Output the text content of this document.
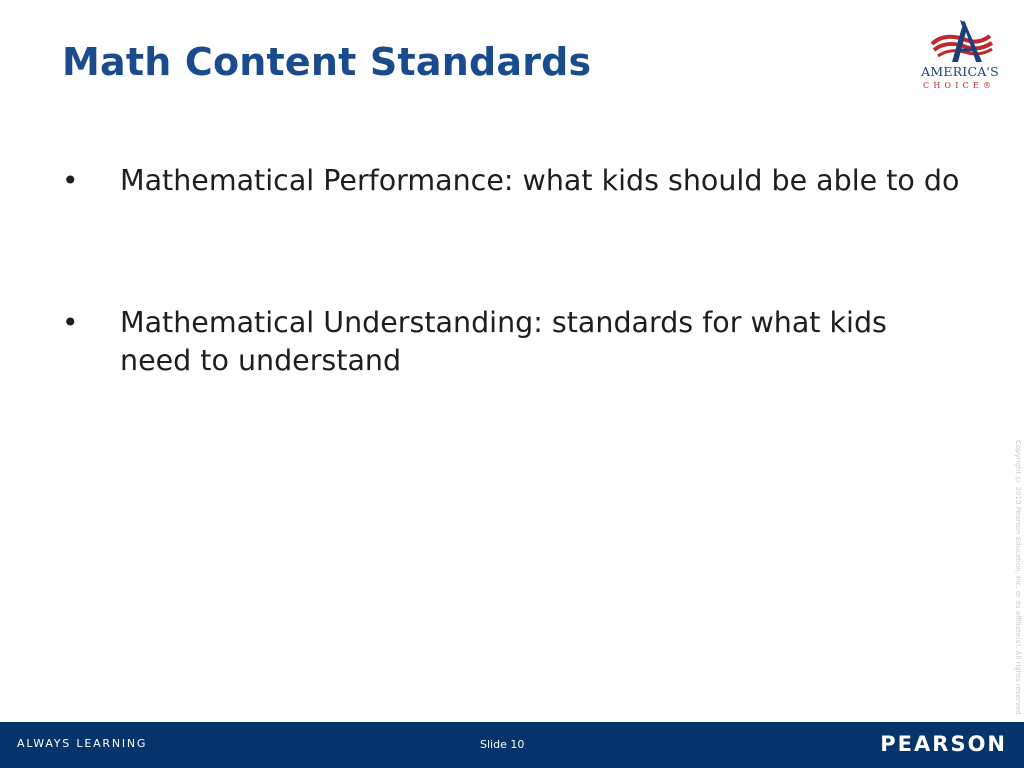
Math Content Standards	AMERICA'S
CHOICE®
• Mathematical Performance: what kids should be able to do
• Mathematical Understanding: standards for what kids need to understand
Copyright © 2010 Pearson Education, Inc. or its affiliate(s). All rights reserved.
ALWAYS LEARNING	Slide 10	PEARSON
